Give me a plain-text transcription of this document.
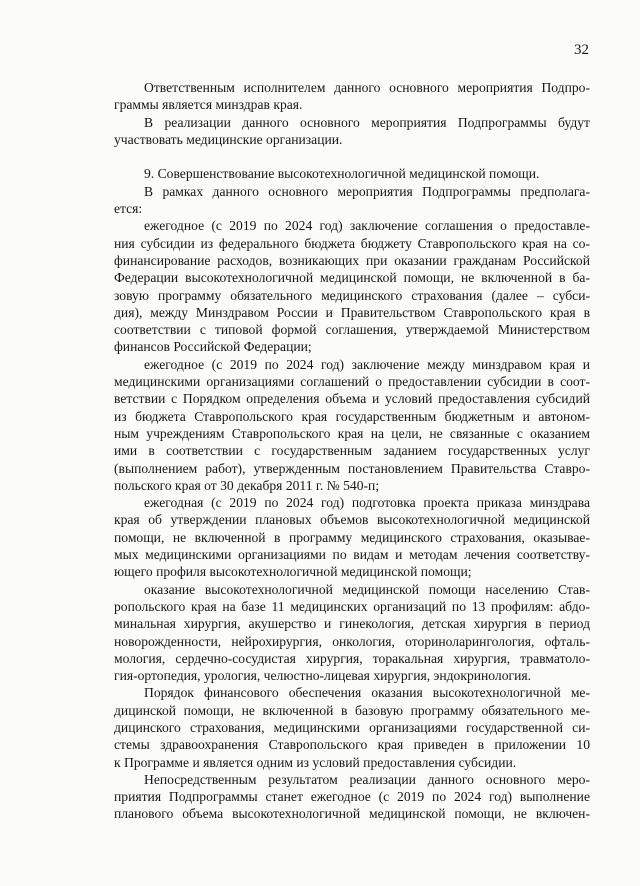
32
Ответственным исполнителем данного основного мероприятия Подпро-
граммы является минздрав края.
В реализации данного основного мероприятия Подпрограммы будут
участвовать медицинские организации.
9. Совершенствование высокотехнологичной медицинской помощи.
В рамках данного основного мероприятия Подпрограммы предполага-
ется:
ежегодное (с 2019 по 2024 год) заключение соглашения о предоставле-
ния субсидии из федерального бюджета бюджету Ставропольского края на со-
финансирование расходов, возникающих при оказании гражданам Российской
Федерации высокотехнологичной медицинской помощи, не включенной в ба-
зовую программу обязательного медицинского страхования (далее – субси-
дия), между Минздравом России и Правительством Ставропольского края в
соответствии с типовой формой соглашения, утверждаемой Министерством
финансов Российской Федерации;
ежегодное (с 2019 по 2024 год) заключение между минздравом края и
медицинскими организациями соглашений о предоставлении субсидии в соот-
ветствии с Порядком определения объема и условий предоставления субсидий
из бюджета Ставропольского края государственным бюджетным и автоном-
ным учреждениям Ставропольского края на цели, не связанные с оказанием
ими в соответствии с государственным заданием государственных услуг
(выполнением работ), утвержденным постановлением Правительства Ставро-
польского края от 30 декабря 2011 г. № 540-п;
ежегодная (с 2019 по 2024 год) подготовка проекта приказа минздрава
края об утверждении плановых объемов высокотехнологичной медицинской
помощи, не включенной в программу медицинского страхования, оказывае-
мых медицинскими организациями по видам и методам лечения соответству-
ющего профиля высокотехнологичной медицинской помощи;
оказание высокотехнологичной медицинской помощи населению Став-
ропольского края на базе 11 медицинских организаций по 13 профилям: абдо-
минальная хирургия, акушерство и гинекология, детская хирургия в период
новорожденности, нейрохирургия, онкология, оториноларингология, офталь-
мология, сердечно-сосудистая хирургия, торакальная хирургия, травматоло-
гия-ортопедия, урология, челюстно-лицевая хирургия, эндокринология.
Порядок финансового обеспечения оказания высокотехнологичной ме-
дицинской помощи, не включенной в базовую программу обязательного ме-
дицинского страхования, медицинскими организациями государственной си-
стемы здравоохранения Ставропольского края приведен в приложении 10
к Программе и является одним из условий предоставления субсидии.
Непосредственным результатом реализации данного основного меро-
приятия Подпрограммы станет ежегодное (с 2019 по 2024 год) выполнение
планового объема высокотехнологичной медицинской помощи, не включен-
